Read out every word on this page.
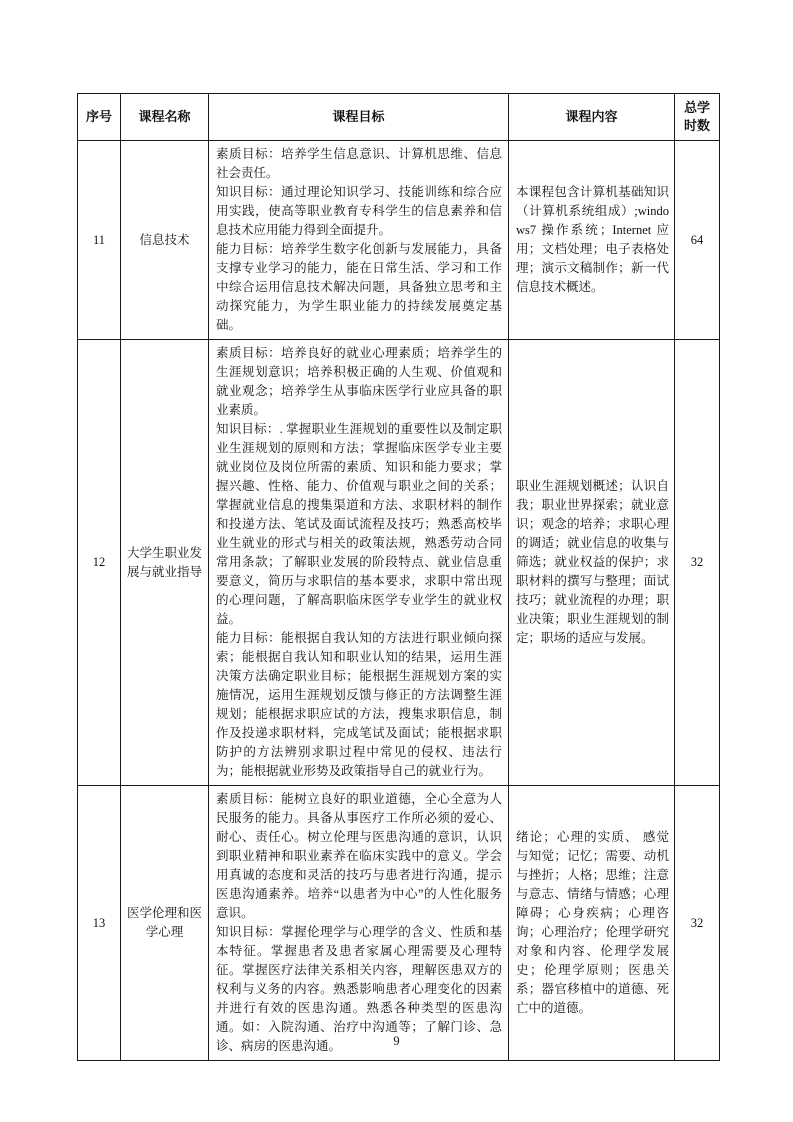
序号	课程名称	课程目标	课程内容	总学时数
11	信息技术	素质目标：培养学生信息意识、计算机思维、信息社会责任。

知识目标：通过理论知识学习、技能训练和综合应用实践，使高等职业教育专科学生的信息素养和信息技术应用能力得到全面提升。

能力目标：培养学生数字化创新与发展能力，具备支撑专业学习的能力，能在日常生活、学习和工作中综合运用信息技术解决问题，具备独立思考和主动探究能力，为学生职业能力的持续发展奠定基础。	本课程包含计算机基础知识（计算机系统组成）;windows7 操作系统；Internet 应用；文档处理；电子表格处理；演示文稿制作；新一代信息技术概述。	64
12	大学生职业发展与就业指导	素质目标：培养良好的就业心理素质；培养学生的生涯规划意识；培养积极正确的人生观、价值观和就业观念；培养学生从事临床医学行业应具备的职业素质。

知识目标：. 掌握职业生涯规划的重要性以及制定职业生涯规划的原则和方法；掌握临床医学专业主要就业岗位及岗位所需的素质、知识和能力要求；掌握兴趣、性格、能力、价值观与职业之间的关系；掌握就业信息的搜集渠道和方法、求职材料的制作和投递方法、笔试及面试流程及技巧；熟悉高校毕业生就业的形式与相关的政策法规，熟悉劳动合同常用条款；了解职业发展的阶段特点、就业信息重要意义，简历与求职信的基本要求，求职中常出现的心理问题，了解高职临床医学专业学生的就业权益。

能力目标：能根据自我认知的方法进行职业倾向探索；能根据自我认知和职业认知的结果，运用生涯决策方法确定职业目标；能根据生涯规划方案的实施情况，运用生涯规划反馈与修正的方法调整生涯规划；能根据求职应试的方法，搜集求职信息，制作及投递求职材料，完成笔试及面试；能根据求职防护的方法辨别求职过程中常见的侵权、违法行为；能根据就业形势及政策指导自己的就业行为。	职业生涯规划概述；认识自我；职业世界探索；就业意识；观念的培养；求职心理的调适；就业信息的收集与筛选；就业权益的保护；求职材料的撰写与整理；面试技巧；就业流程的办理；职业决策；职业生涯规划的制定；职场的适应与发展。	32
13	医学伦理和医学心理	素质目标：能树立良好的职业道德，全心全意为人民服务的能力。具备从事医疗工作所必须的爱心、耐心、责任心。树立伦理与医患沟通的意识，认识到职业精神和职业素养在临床实践中的意义。学会用真诚的态度和灵活的技巧与患者进行沟通，提示医患沟通素养。培养“以患者为中心”的人性化服务意识。

知识目标：掌握伦理学与心理学的含义、性质和基本特征。掌握患者及患者家属心理需要及心理特征。掌握医疗法律关系相关内容，理解医患双方的权利与义务的内容。熟悉影响患者心理变化的因素并进行有效的医患沟通。熟悉各种类型的医患沟通。如：入院沟通、治疗中沟通等；了解门诊、急诊、病房的医患沟通。	绪论；心理的实质、 感觉与知觉；记忆；需要、动机与挫折；人格；思维；注意与意志、情绪与情感；心理障碍；心身疾病；心理咨询；心理治疗；伦理学研究对象和内容、伦理学发展史；伦理学原则；医患关系；器官移植中的道德、死亡中的道德。	32
9
